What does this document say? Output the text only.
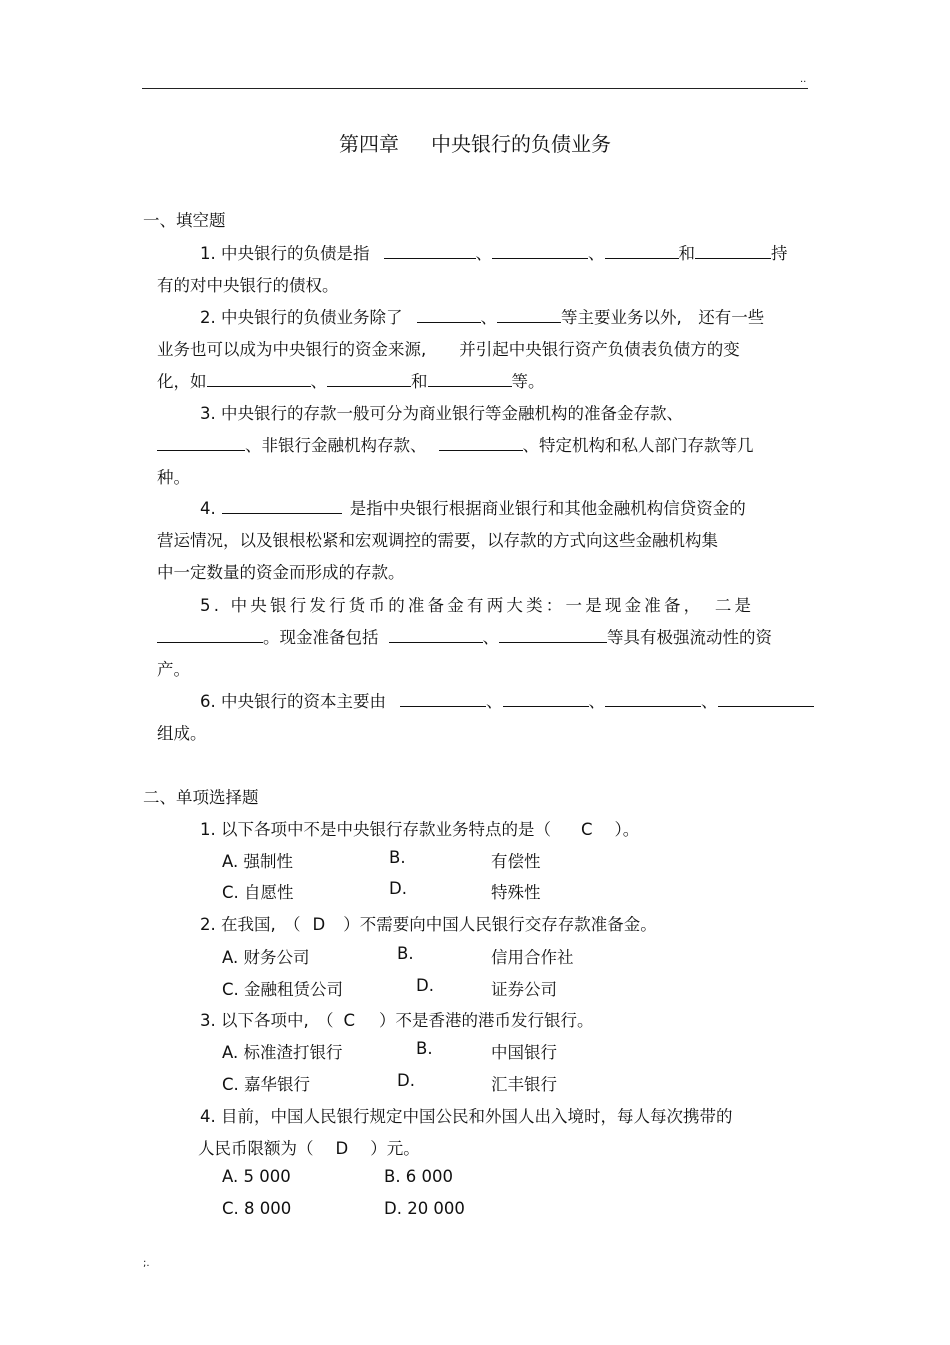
..
第四章 中央银行的负债业务
一、填空题
1. 中央银行的负债是指	、	、	和	持
有的对中央银行的债权。
2. 中央银行的负债业务除了	、	等主要业务以外,　还有一些
业务也可以成为中央银行的资金来源,　　并引起中央银行资产负债表负债方的变
化，如	、	和	等。
3. 中央银行的存款一般可分为商业银行等金融机构的准备金存款、
、非银行金融机构存款、	、特定机构和私人部门存款等几
种。
4.	是指中央银行根据商业银行和其他金融机构信贷资金的
营运情况，以及银根松紧和宏观调控的需要，以存款的方式向这些金融机构集
中一定数量的资金而形成的存款。
5. 中央银行发行货币的准备金有两大类：一是现金准备，　二是
。现金准备包括	、	等具有极强流动性的资
产。
6. 中央银行的资本主要由	、	、	、
组成。
二、单项选择题
1. 以下各项中不是中央银行存款业务特点的是（ C ）。
A. 强制性	B.	有偿性
C. 自愿性	D.	特殊性
2. 在我国,　（ D ）不需要向中国人民银行交存存款准备金。
A. 财务公司	B.	信用合作社
C. 金融租赁公司	D.	证券公司
3. 以下各项中,　（ C ）不是香港的港币发行银行。
A. 标准渣打银行	B.	中国银行
C. 嘉华银行	D.	汇丰银行
4. 目前，中国人民银行规定中国公民和外国人出入境时，每人每次携带的
人民币限额为（ D ）元。
A. 5 000	B. 6 000
C. 8 000	D. 20 000
;.
